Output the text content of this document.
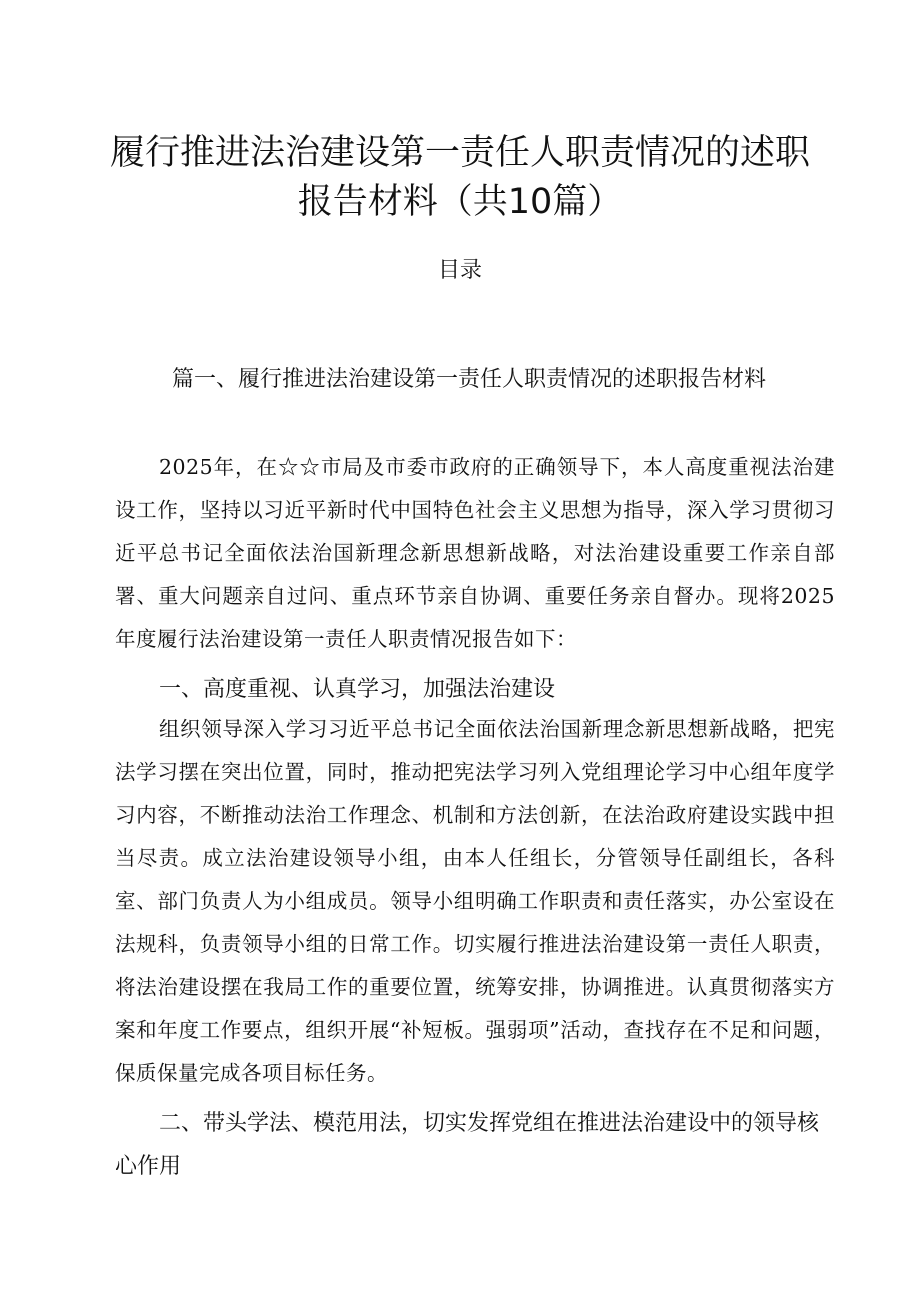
履行推进法治建设第一责任人职责情况的述职
报告材料（共10篇）
目录

篇一、履行推进法治建设第一责任人职责情况的述职报告材料

2025年，在☆☆市局及市委市政府的正确领导下，本人高度重视法治建设工作，坚持以习近平新时代中国特色社会主义思想为指导，深入学习贯彻习近平总书记全面依法治国新理念新思想新战略，对法治建设重要工作亲自部署、重大问题亲自过问、重点环节亲自协调、重要任务亲自督办。现将2025年度履行法治建设第一责任人职责情况报告如下：

一、高度重视、认真学习，加强法治建设

组织领导深入学习习近平总书记全面依法治国新理念新思想新战略，把宪法学习摆在突出位置，同时，推动把宪法学习列入党组理论学习中心组年度学习内容，不断推动法治工作理念、机制和方法创新，在法治政府建设实践中担当尽责。成立法治建设领导小组，由本人任组长，分管领导任副组长，各科室、部门负责人为小组成员。领导小组明确工作职责和责任落实，办公室设在法规科，负责领导小组的日常工作。切实履行推进法治建设第一责任人职责，将法治建设摆在我局工作的重要位置，统筹安排，协调推进。认真贯彻落实方案和年度工作要点，组织开展“补短板。强弱项”活动，查找存在不足和问题，保质保量完成各项目标任务。

二、带头学法、模范用法，切实发挥党组在推进法治建设中的领导核心作用
